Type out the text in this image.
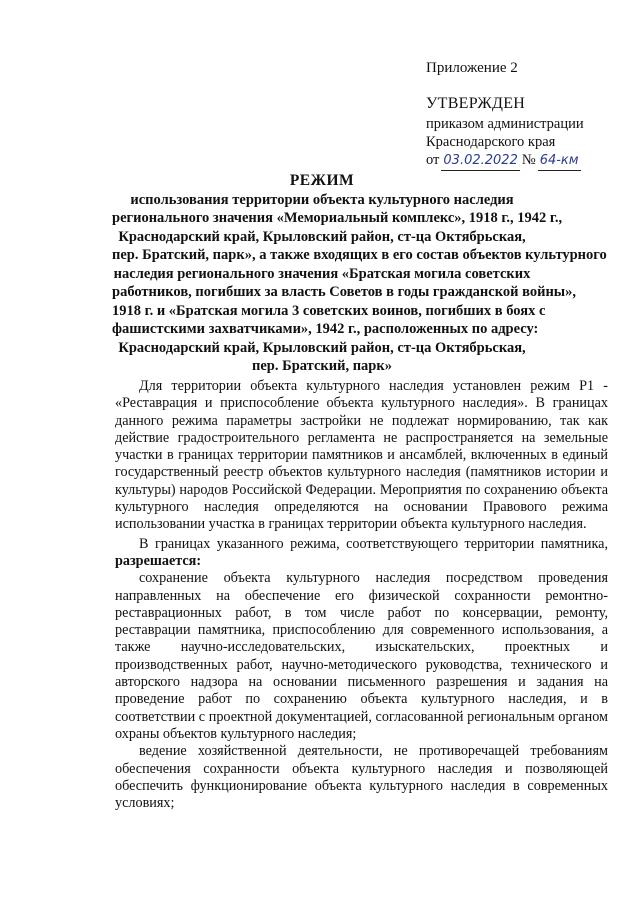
Приложение 2
УТВЕРЖДЕН
приказом администрации
Краснодарского края
от 03.02.2022 № 64-км
РЕЖИМ
использования территории объекта культурного наследия
регионального значения «Мемориальный комплекс», 1918 г., 1942 г.,
Краснодарский край, Крыловский район, ст-ца Октябрьская,
пер. Братский, парк», а также входящих в его состав объектов культурного
наследия регионального значения «Братская могила советских
работников, погибших за власть Советов в годы гражданской войны»,
1918 г. и «Братская могила 3 советских воинов, погибших в боях с
фашистскими захватчиками», 1942 г., расположенных по адресу:
Краснодарский край, Крыловский район, ст-ца Октябрьская,
пер. Братский, парк»

Для территории объекта культурного наследия установлен режим Р1 - «Реставрация и приспособление объекта культурного наследия». В границах данного режима параметры застройки не подлежат нормированию, так как действие градостроительного регламента не распространяется на земельные участки в границах территории памятников и ансамблей, включенных в единый государственный реестр объектов культурного наследия (памятников истории и культуры) народов Российской Федерации. Мероприятия по сохранению объекта культурного наследия определяются на основании Правового режима использовании участка в границах территории объекта культурного наследия.

В границах указанного режима, соответствующего территории памятника, разрешается:

сохранение объекта культурного наследия посредством проведения направленных на обеспечение его физической сохранности ремонтно-реставрационных работ, в том числе работ по консервации, ремонту, реставрации памятника, приспособлению для современного использования, а также научно-исследовательских, изыскательских, проектных и производственных работ, научно-методического руководства, технического и авторского надзора на основании письменного разрешения и задания на проведение работ по сохранению объекта культурного наследия, и в соответствии с проектной документацией, согласованной региональным органом охраны объектов культурного наследия;

ведение хозяйственной деятельности, не противоречащей требованиям обеспечения сохранности объекта культурного наследия и позволяющей обеспечить функционирование объекта культурного наследия в современных условиях;
